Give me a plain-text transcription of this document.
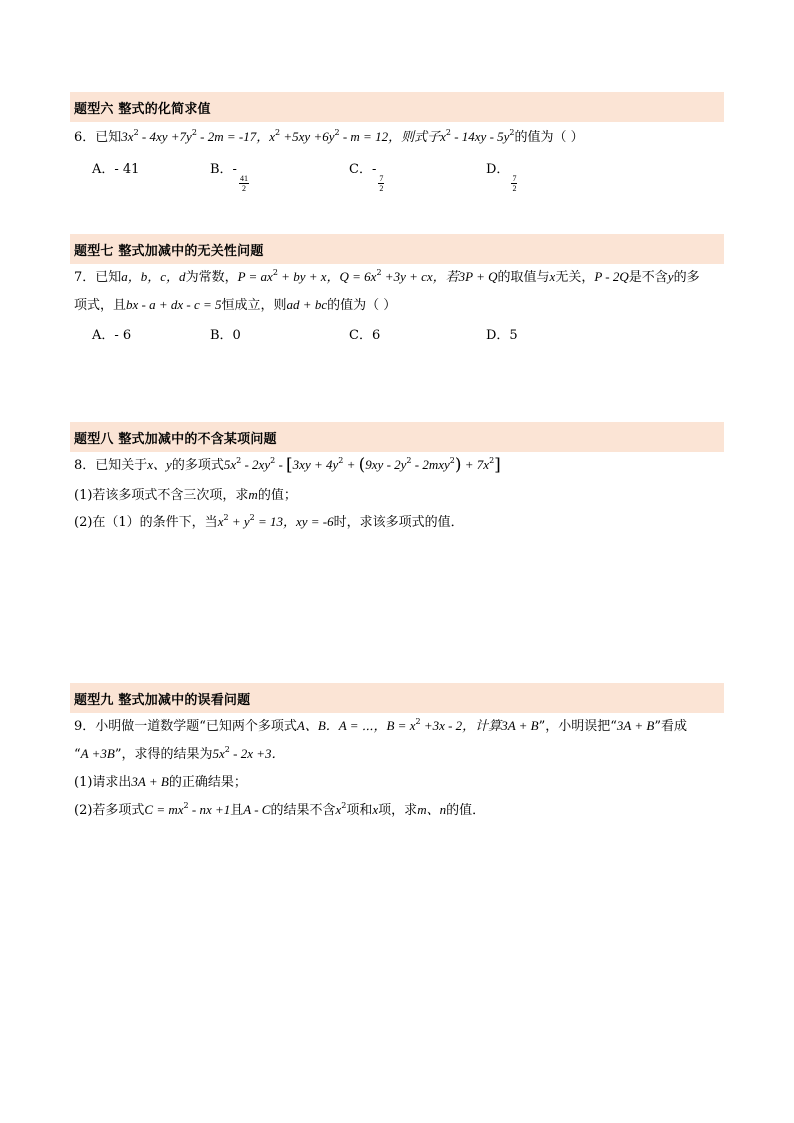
题型六 整式的化简求值
6．已知$3x^2 - 4xy +7y^2 - 2m = -17$，$x^2 +5xy +6y^2 - m = 12$，则式子$x^2 - 14xy - 5y^2$的值为（ ）
A．- 41	B．-
$\frac{41}{2}$
C．-
$\frac{7}{2}$
D．
$\frac{7}{2}$
题型七 整式加减中的无关性问题
7．已知a，b，c，d为常数，$P = ax^2$ + by + x，$Q = 6x^2 +3y$ + cx，若3P + Q的取值与x无关，P - 2Q是不含y的多
项式，且bx - a + dx - c = 5恒成立，则ad + bc的值为（ ）
A．- 6	B．0	C．6	D．5
题型八 整式加减中的不含某项问题
8．已知关于x、y的多项式$5x^2 - 2xy^2 - [3xy + 4y^2 + (9xy - 2y^2 - 2mxy^2) + 7x^2]$
(1)若该多项式不含三次项，求m的值；
(2)在（1）的条件下，当$x^2 + y^2 = 13$，xy = -6时，求该多项式的值．
题型九 整式加减中的误看问题
9．小明做一道数学题“已知两个多项式A、B．A = ⋯，$B = x^2 +3x - 2$，计算3A + B”，小明误把“3A + B”看成
“A +3B”，求得的结果为$5x^2 - 2x +3$．
(1)请求出3A + B的正确结果；
(2)若多项式$C = mx^2$ - nx +1且A - C的结果不含$x^2$项和x项，求m、n的值．
